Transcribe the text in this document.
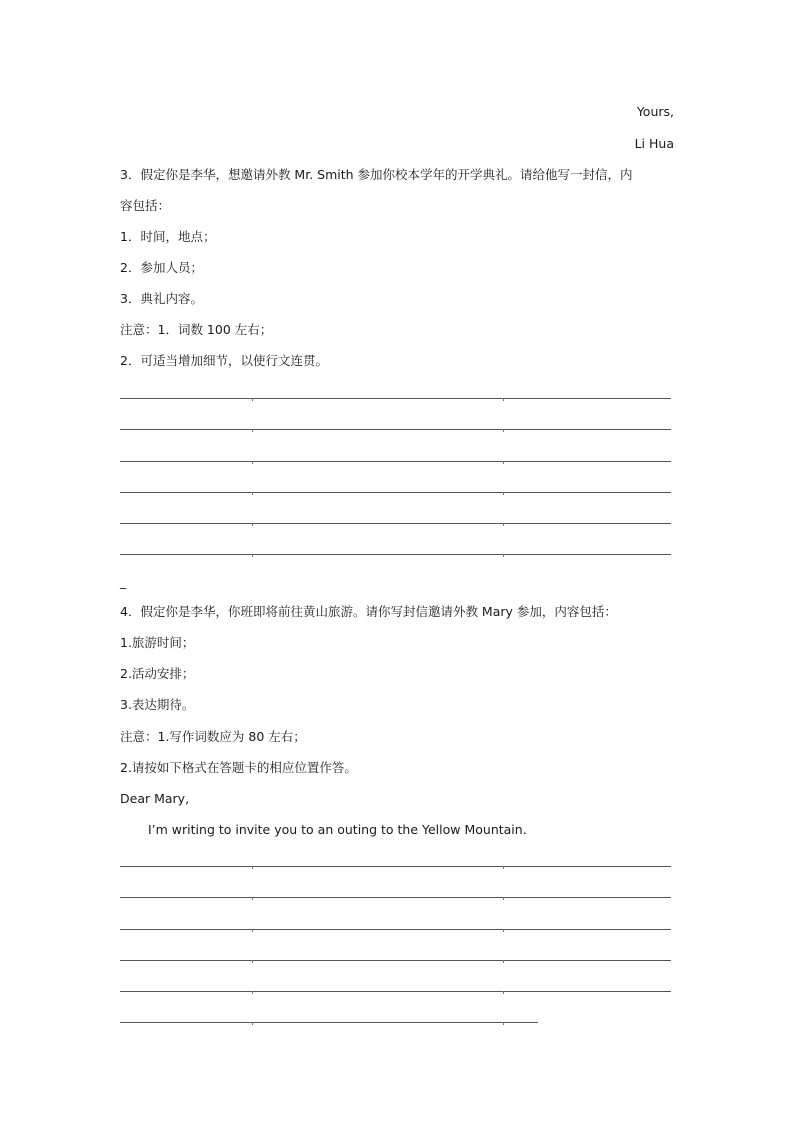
Yours,
Li Hua
3．假定你是李华，想邀请外教 Mr. Smith 参加你校本学年的开学典礼。请给他写一封信，内
容包括：
1．时间，地点；
2．参加人员；
3．典礼内容。
注意：1．词数 100 左右；
2．可适当增加细节，以使行文连贯。
_
4．假定你是李华，你班即将前往黄山旅游。请你写封信邀请外教 Mary 参加，内容包括：
1.旅游时间；
2.活动安排；
3.表达期待。
注意：1.写作词数应为 80 左右；
2.请按如下格式在答题卡的相应位置作答。
Dear Mary,
I’m writing to invite you to an outing to the Yellow Mountain.
